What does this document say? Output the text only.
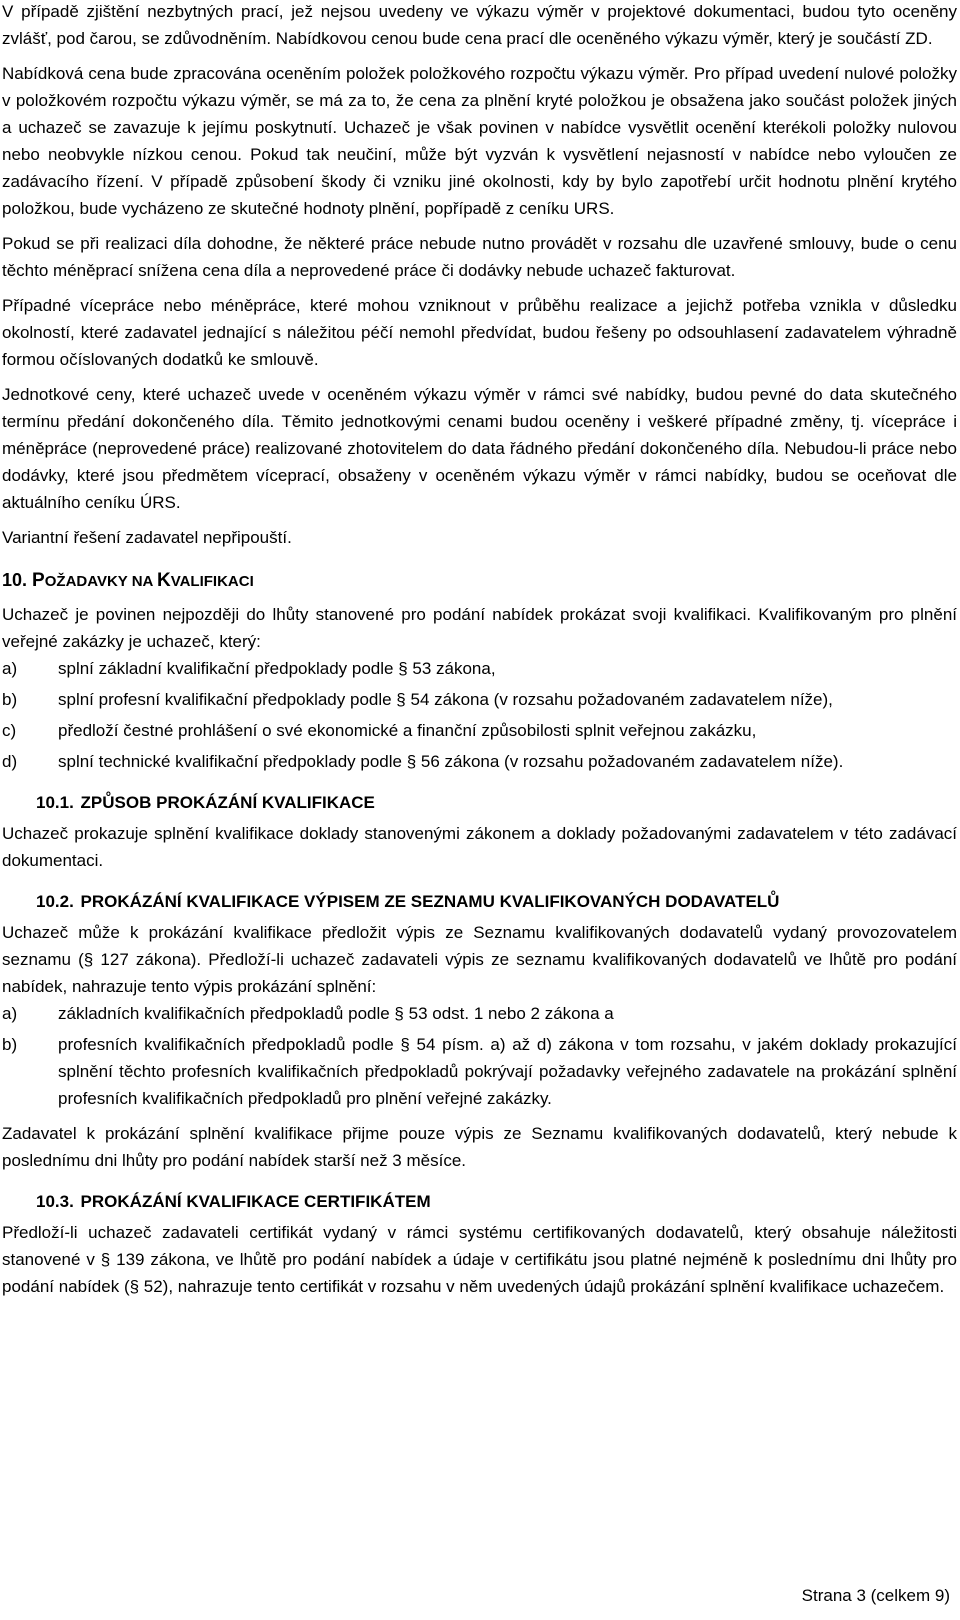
V případě zjištění nezbytných prací, jež nejsou uvedeny ve výkazu výměr v projektové dokumentaci, budou tyto oceněny zvlášť, pod čarou, se zdůvodněním. Nabídkovou cenou bude cena prací dle oceněného výkazu výměr, který je součástí ZD.

Nabídková cena bude zpracována oceněním položek položkového rozpočtu výkazu výměr. Pro případ uvedení nulové položky v položkovém rozpočtu výkazu výměr, se má za to, že cena za plnění kryté položkou je obsažena jako součást položek jiných a uchazeč se zavazuje k jejímu poskytnutí. Uchazeč je však povinen v nabídce vysvětlit ocenění kterékoli položky nulovou nebo neobvykle nízkou cenou. Pokud tak neučiní, může být vyzván k vysvětlení nejasností v nabídce nebo vyloučen ze zadávacího řízení. V případě způsobení škody či vzniku jiné okolnosti, kdy by bylo zapotřebí určit hodnotu plnění krytého položkou, bude vycházeno ze skutečné hodnoty plnění, popřípadě z ceníku URS.

Pokud se při realizaci díla dohodne, že některé práce nebude nutno provádět v rozsahu dle uzavřené smlouvy, bude o cenu těchto méněprací snížena cena díla a neprovedené práce či dodávky nebude uchazeč fakturovat.

Případné vícepráce nebo méněpráce, které mohou vzniknout v průběhu realizace a jejichž potřeba vznikla v důsledku okolností, které zadavatel jednající s náležitou péčí nemohl předvídat, budou řešeny po odsouhlasení zadavatelem výhradně formou očíslovaných dodatků ke smlouvě.

Jednotkové ceny, které uchazeč uvede v oceněném výkazu výměr v rámci své nabídky, budou pevné do data skutečného termínu předání dokončeného díla. Těmito jednotkovými cenami budou oceněny i veškeré případné změny, tj. vícepráce i méněpráce (neprovedené práce) realizované zhotovitelem do data řádného předání dokončeného díla. Nebudou-li práce nebo dodávky, které jsou předmětem víceprací, obsaženy v oceněném výkazu výměr v rámci nabídky, budou se oceňovat dle aktuálního ceníku ÚRS.

Variantní řešení zadavatel nepřipouští.

10. POŽADAVKY NA KVALIFIKACI

Uchazeč je povinen nejpozději do lhůty stanovené pro podání nabídek prokázat svoji kvalifikaci. Kvalifikovaným pro plnění veřejné zakázky je uchazeč, který:

a) splní základní kvalifikační předpoklady podle § 53 zákona,
b) splní profesní kvalifikační předpoklady podle § 54 zákona (v rozsahu požadovaném zadavatelem níže),
c) předloží čestné prohlášení o své ekonomické a finanční způsobilosti splnit veřejnou zakázku,
d) splní technické kvalifikační předpoklady podle § 56 zákona (v rozsahu požadovaném zadavatelem níže).
10.1. ZPŮSOB PROKÁZÁNÍ KVALIFIKACE

Uchazeč prokazuje splnění kvalifikace doklady stanovenými zákonem a doklady požadovanými zadavatelem v této zadávací dokumentaci.

10.2. PROKÁZÁNÍ KVALIFIKACE VÝPISEM ZE SEZNAMU KVALIFIKOVANÝCH DODAVATELŮ

Uchazeč může k prokázání kvalifikace předložit výpis ze Seznamu kvalifikovaných dodavatelů vydaný provozovatelem seznamu (§ 127 zákona). Předloží-li uchazeč zadavateli výpis ze seznamu kvalifikovaných dodavatelů ve lhůtě pro podání nabídek, nahrazuje tento výpis prokázání splnění:

a) základních kvalifikačních předpokladů podle § 53 odst. 1 nebo 2 zákona a
b) profesních kvalifikačních předpokladů podle § 54 písm. a) až d) zákona v tom rozsahu, v jakém doklady prokazující splnění těchto profesních kvalifikačních předpokladů pokrývají požadavky veřejného zadavatele na prokázání splnění profesních kvalifikačních předpokladů pro plnění veřejné zakázky.

Zadavatel k prokázání splnění kvalifikace přijme pouze výpis ze Seznamu kvalifikovaných dodavatelů, který nebude k poslednímu dni lhůty pro podání nabídek starší než 3 měsíce.

10.3. PROKÁZÁNÍ KVALIFIKACE CERTIFIKÁTEM

Předloží-li uchazeč zadavateli certifikát vydaný v rámci systému certifikovaných dodavatelů, který obsahuje náležitosti stanovené v § 139 zákona, ve lhůtě pro podání nabídek a údaje v certifikátu jsou platné nejméně k poslednímu dni lhůty pro podání nabídek (§ 52), nahrazuje tento certifikát v rozsahu v něm uvedených údajů prokázání splnění kvalifikace uchazečem.

Strana 3 (celkem 9)
